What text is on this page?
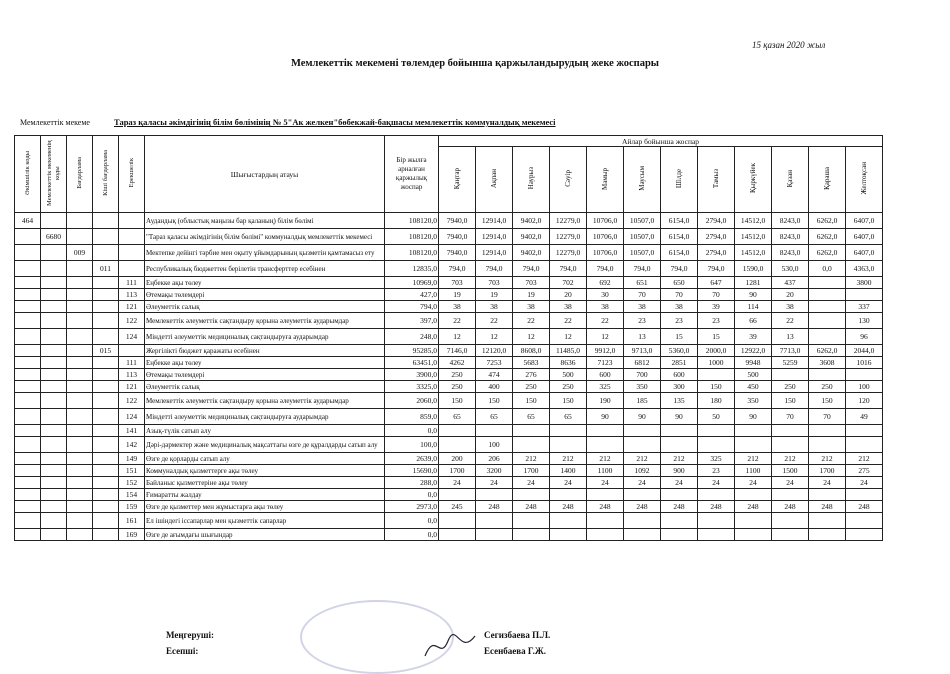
15 қазан 2020 жыл
Мемлекеттік мекемені төлемдер бойынша қаржыландырудың жеке жоспары
Мемлекеттік мекеме	Тараз қаласы әкімдігінің білім бөлімінің № 5"Ак желкен"бөбекжай-бақшасы мемлекеттік коммуналдық мекемесі
Әкімшілік коды	Мемлекеттік мекеменің коды	Бағдарлама	Кіші бағдарлама	Ерекшелік	Шығыстардың атауы	Бір жылға арналған қаржылық жоспар	Айлар бойынша жоспар											
							Қаңтар	Ақпан	Наурыз	Сәуір	Мамыр	Маусым	Шілде	Тамыз	Қыркүйек	Қазан	Қараша	Желтоқсан
464					Аудандық (облыстық маңызы бар қаланың) білім бөлімі	108120,0	7940,0	12914,0	9402,0	12279,0	10706,0	10507,0	6154,0	2794,0	14512,0	8243,0	6262,0	6407,0
	6680				"Тараз қаласы әкімдігінің білім бөлімі" коммуналдық мемлекеттік мекемесі	108120,0	7940,0	12914,0	9402,0	12279,0	10706,0	10507,0	6154,0	2794,0	14512,0	8243,0	6262,0	6407,0
		009			Мектепке дейінгі тәрбие мен оқыту ұйымдарының қызметін қамтамасыз ету	108120,0	7940,0	12914,0	9402,0	12279,0	10706,0	10507,0	6154,0	2794,0	14512,0	8243,0	6262,0	6407,0
			011		Республикалық бюджеттен берілетін трансферттер есебінен	12835,0	794,0	794,0	794,0	794,0	794,0	794,0	794,0	794,0	1590,0	530,0	0,0	4363,0
				111	Еңбекке ақы төлеу	10969,0	703	703	703	702	692	651	650	647	1281	437		3800
				113	Өтемақы төлемдері	427,0	19	19	19	20	30	70	70	70	90	20		
				121	Әлеуметтік салық	794,0	38	38	38	38	38	38	38	39	114	38		337
				122	Мемлекеттік әлеуметтік сақтандыру қорына әлеуметтік аударымдар	397,0	22	22	22	22	22	23	23	23	66	22		130
				124	Міндетті әлеуметтік медициналық сақтандыруға аударымдар	248,0	12	12	12	12	12	13	15	15	39	13		96
			015		Жергілікті бюджет қаражаты есебінен	95285,0	7146,0	12120,0	8608,0	11485,0	9912,0	9713,0	5360,0	2000,0	12922,0	7713,0	6262,0	2044,0
				111	Еңбекке ақы төлеу	63451,0	4262	7253	5683	8636	7123	6812	2851	1000	9948	5259	3608	1016
				113	Өтемақы төлемдері	3900,0	250	474	276	500	600	700	600		500			
				121	Әлеуметтік салық	3325,0	250	400	250	250	325	350	300	150	450	250	250	100
				122	Мемлекеттік әлеуметтік сақтандыру қорына әлеуметтік аударымдар	2060,0	150	150	150	150	190	185	135	180	350	150	150	120
				124	Міндетті әлеуметтік медициналық сақтандыруға аударымдар	859,0	65	65	65	65	90	90	90	50	90	70	70	49
				141	Азық-түлік сатып алу	0,0												
				142	Дәрі-дәрмектер және медициналық мақсаттағы өзге де құралдарды сатып алу	100,0		100										
				149	Өзге де қорларды сатып алу	2639,0	200	206	212	212	212	212	212	325	212	212	212	212
				151	Коммуналдық қызметтерге ақы төлеу	15690,0	1700	3200	1700	1400	1100	1092	900	23	1100	1500	1700	275
				152	Байланыс қызметтеріне ақы төлеу	288,0	24	24	24	24	24	24	24	24	24	24	24	24
				154	Ғимаратты жалдау	0,0												
				159	Өзге де қызметтер мен жұмыстарға ақы төлеу	2973,0	245	248	248	248	248	248	248	248	248	248	248	248
				161	Ел ішіндегі іссапарлар мен қызметтік сапарлар	0,0												
				169	Өзге де ағымдағы шығындар	0,0												
Меңгеруші:
Есепші:
Сегизбаева П.Л.
Есенбаева Г.Ж.
